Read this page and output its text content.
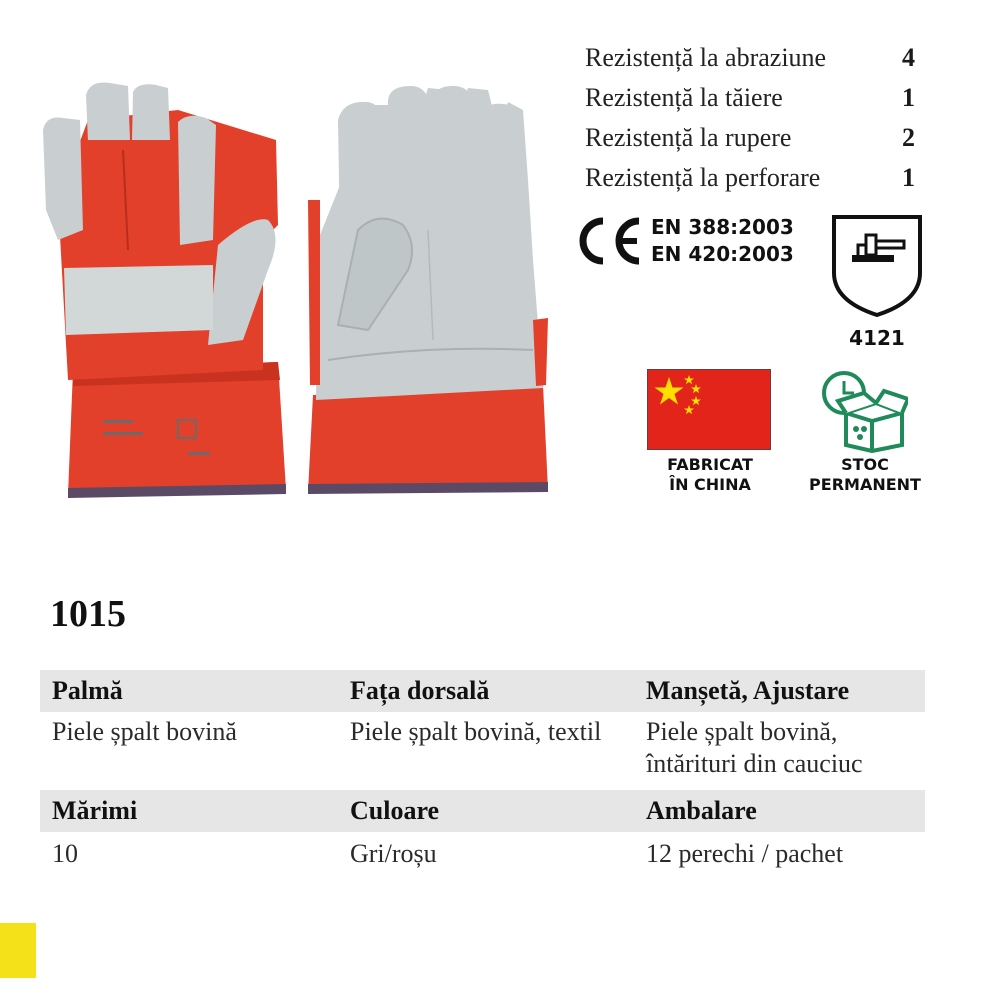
Rezistență la abraziune	4
Rezistență la tăiere	1
Rezistență la rupere	2
Rezistență la perforare	1
EN 388:2003
EN 420:2003
4121
FABRICAT
ÎN CHINA
STOC
PERMANENT
1015
Palmă	Fața dorsală	Manșetă, Ajustare
Piele șpalt bovină	Piele șpalt bovină, textil	Piele șpalt bovină,
întărituri din cauciuc
Mărimi	Culoare	Ambalare
10	Gri/roșu	12 perechi / pachet
